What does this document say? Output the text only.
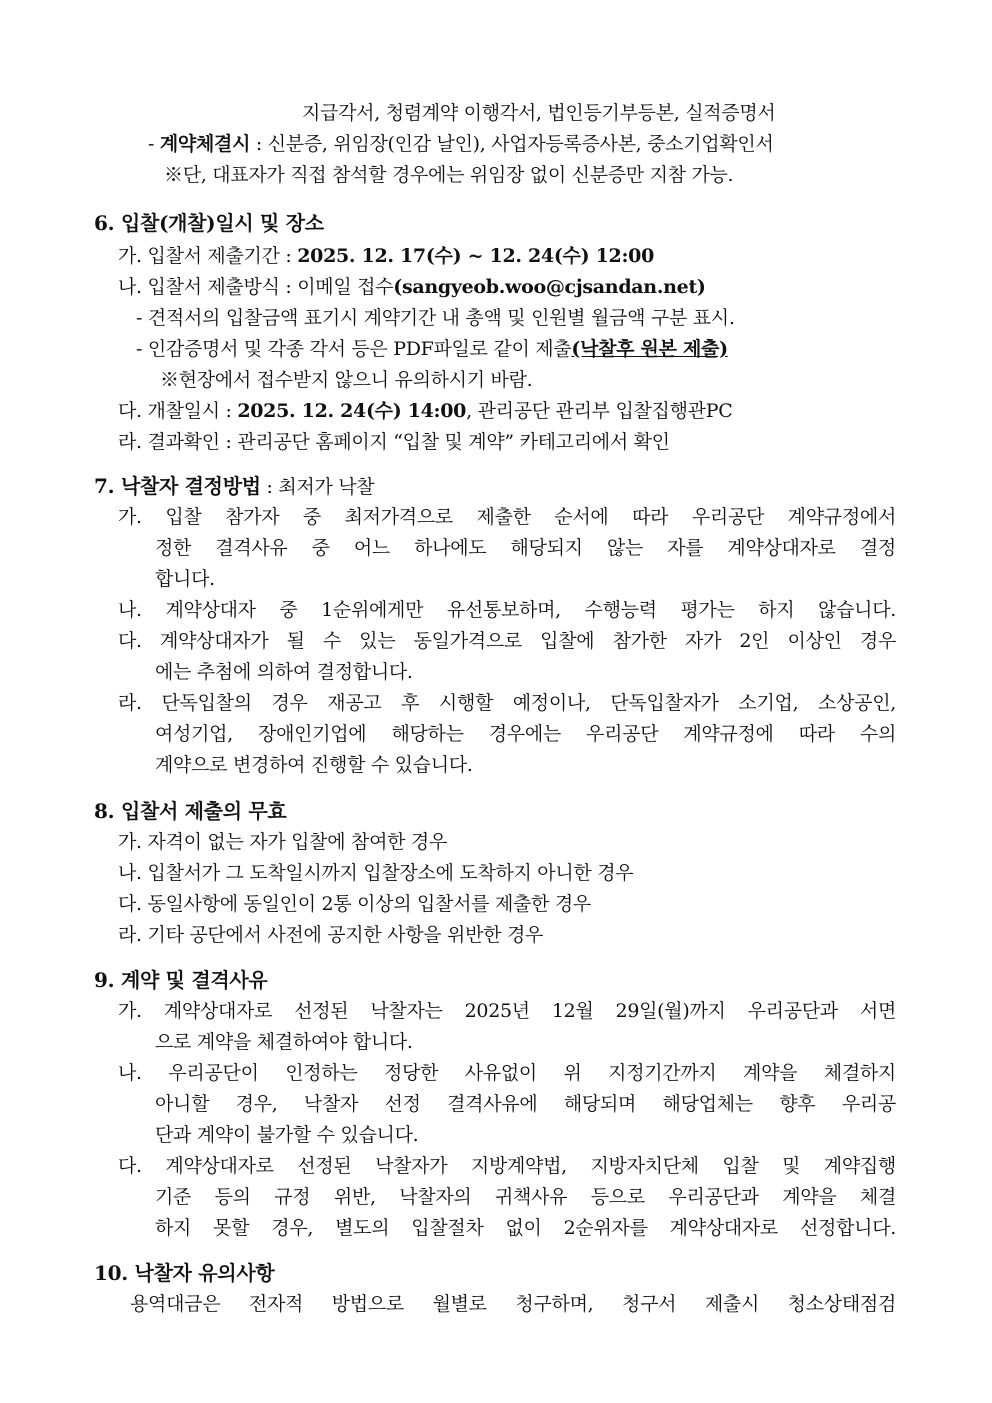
지급각서, 청렴계약 이행각서, 법인등기부등본, 실적증명서
- 계약체결시 : 신분증, 위임장(인감 날인), 사업자등록증사본, 중소기업확인서
※단, 대표자가 직접 참석할 경우에는 위임장 없이 신분증만 지참 가능.
6. 입찰(개찰)일시 및 장소
가. 입찰서 제출기간 : 2025. 12. 17(수) ~ 12. 24(수) 12:00
나. 입찰서 제출방식 : 이메일 접수(sangyeob.woo@cjsandan.net)
- 견적서의 입찰금액 표기시 계약기간 내 총액 및 인원별 월금액 구분 표시.
- 인감증명서 및 각종 각서 등은 PDF파일로 같이 제출(낙찰후 원본 제출)
※현장에서 접수받지 않으니 유의하시기 바람.
다. 개찰일시 : 2025. 12. 24(수) 14:00, 관리공단 관리부 입찰집행관PC
라. 결과확인 : 관리공단 홈페이지 “입찰 및 계약” 카테고리에서 확인
7. 낙찰자 결정방법 : 최저가 낙찰
가. 입찰 참가자 중 최저가격으로 제출한 순서에 따라 우리공단 계약규정에서
정한 결격사유 중 어느 하나에도 해당되지 않는 자를 계약상대자로 결정
합니다.
나. 계약상대자 중 1순위에게만 유선통보하며, 수행능력 평가는 하지 않습니다.
다. 계약상대자가 될 수 있는 동일가격으로 입찰에 참가한 자가 2인 이상인 경우
에는 추첨에 의하여 결정합니다.
라. 단독입찰의 경우 재공고 후 시행할 예정이나, 단독입찰자가 소기업, 소상공인,
여성기업, 장애인기업에 해당하는 경우에는 우리공단 계약규정에 따라 수의
계약으로 변경하여 진행할 수 있습니다.
8. 입찰서 제출의 무효
가. 자격이 없는 자가 입찰에 참여한 경우
나. 입찰서가 그 도착일시까지 입찰장소에 도착하지 아니한 경우
다. 동일사항에 동일인이 2통 이상의 입찰서를 제출한 경우
라. 기타 공단에서 사전에 공지한 사항을 위반한 경우
9. 계약 및 결격사유
가. 계약상대자로 선정된 낙찰자는 2025년 12월 29일(월)까지 우리공단과 서면
으로 계약을 체결하여야 합니다.
나. 우리공단이 인정하는 정당한 사유없이 위 지정기간까지 계약을 체결하지
아니할 경우, 낙찰자 선정 결격사유에 해당되며 해당업체는 향후 우리공
단과 계약이 불가할 수 있습니다.
다. 계약상대자로 선정된 낙찰자가 지방계약법, 지방자치단체 입찰 및 계약집행
기준 등의 규정 위반, 낙찰자의 귀책사유 등으로 우리공단과 계약을 체결
하지 못할 경우, 별도의 입찰절차 없이 2순위자를 계약상대자로 선정합니다.
10. 낙찰자 유의사항
용역대금은 전자적 방법으로 월별로 청구하며, 청구서 제출시 청소상태점검
